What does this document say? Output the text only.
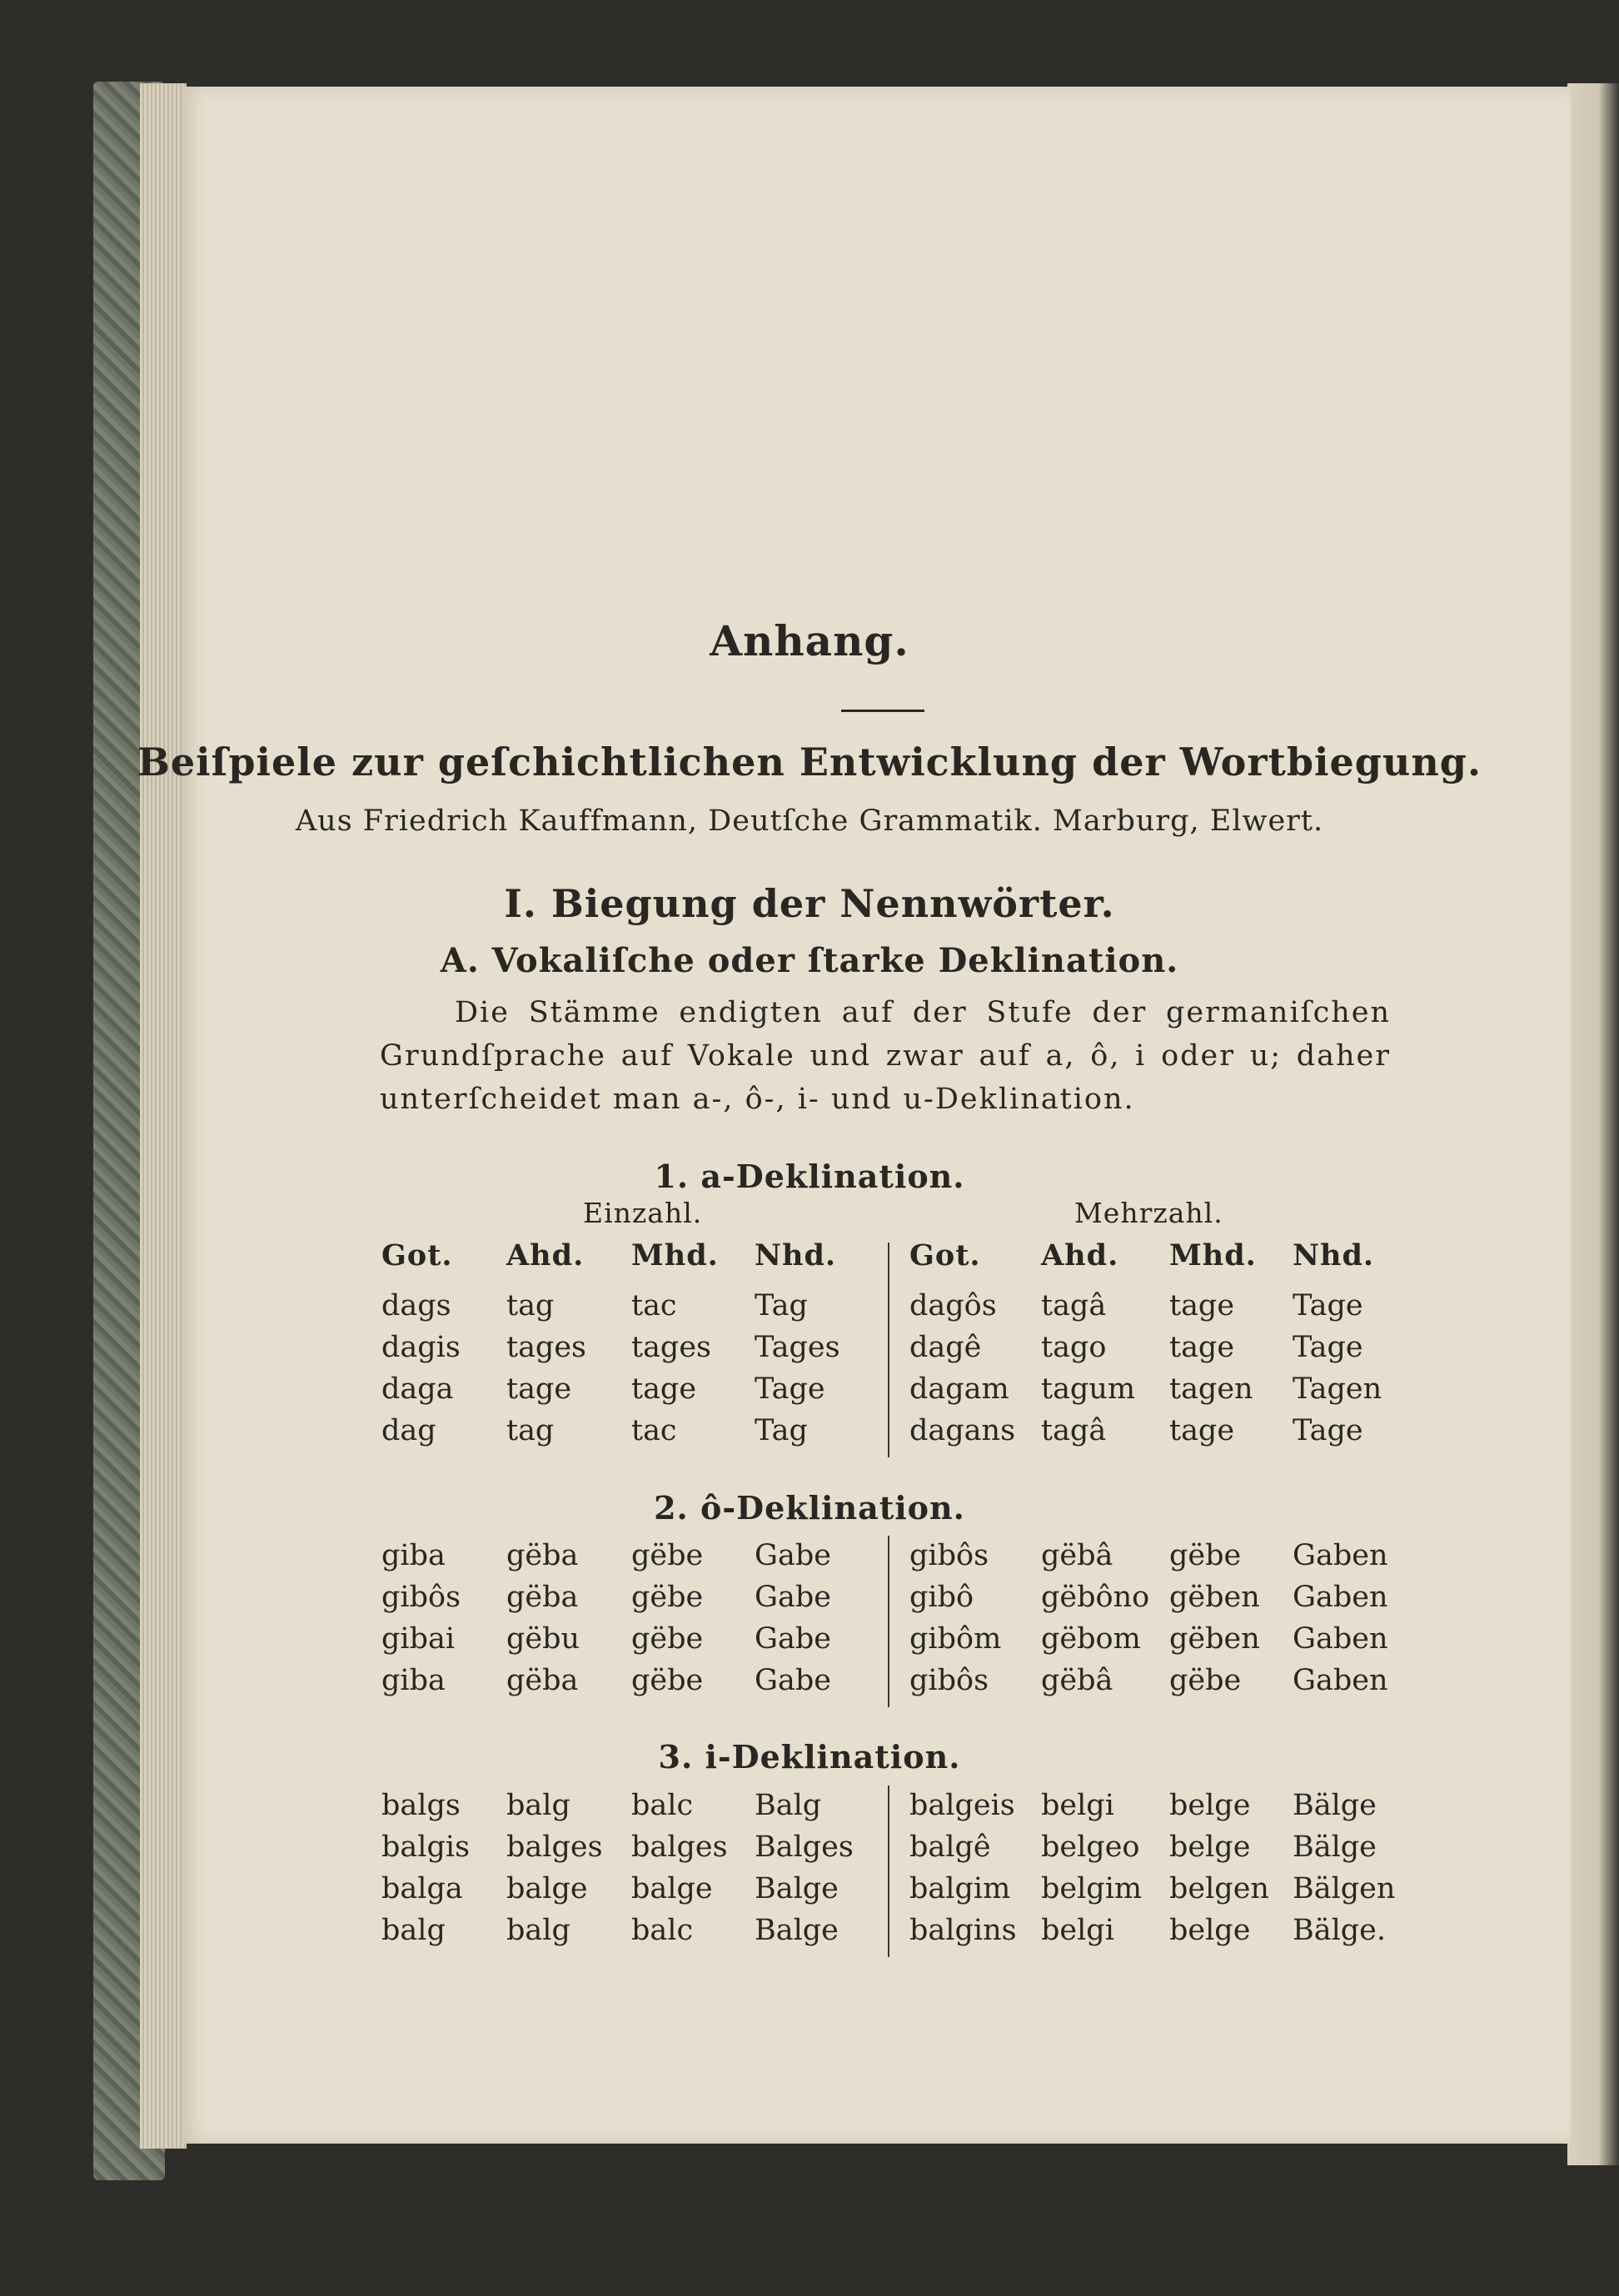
Anhang.
Beiſpiele zur geſchichtlichen Entwicklung der Wortbiegung.
Aus Friedrich Kauffmann, Deutſche Grammatik. Marburg, Elwert.
I. Biegung der Nennwörter.
A. Vokaliſche oder ſtarke Deklination.
Die Stämme endigten auf der Stufe der germaniſchen Grundſprache auf Vokale und zwar auf a, ô, i oder u; daher unterſcheidet man a-, ô-, i- und u-Deklination.
Einzahl.	Mehrzahl.
Got. Ahd. Mhd. Nhd.	Got. Ahd. Mhd. Nhd.
1. a-Deklination.
dags tag	tac	Tag	dagôs tagâ tage Tage
dagis tages tages Tages dagê tago tage Tage
daga tage tage Tage	dagam tagum tagen Tagen
dag tag	tac	Tag	dagans tagâ tage Tage
2. ô-Deklination.
giba gëba gëbe Gabe	gibôs gëbâ gëbe Gaben
gibôs gëba gëbe Gabe	gibô gëbôno gëben Gaben
gibai gëbu gëbe Gabe	gibôm gëbom gëben Gaben
giba gëba gëbe Gabe	gibôs gëbâ gëbe Gaben
3. i-Deklination.
balgs balg balc Balg	balgeis belgi belge Bälge
balgis balges balges Balges balgê belgeo belge Bälge
balga balge balge Balge balgim belgim belgen Bälgen
balg balg balc Balge balgins belgi belge Bälge.
